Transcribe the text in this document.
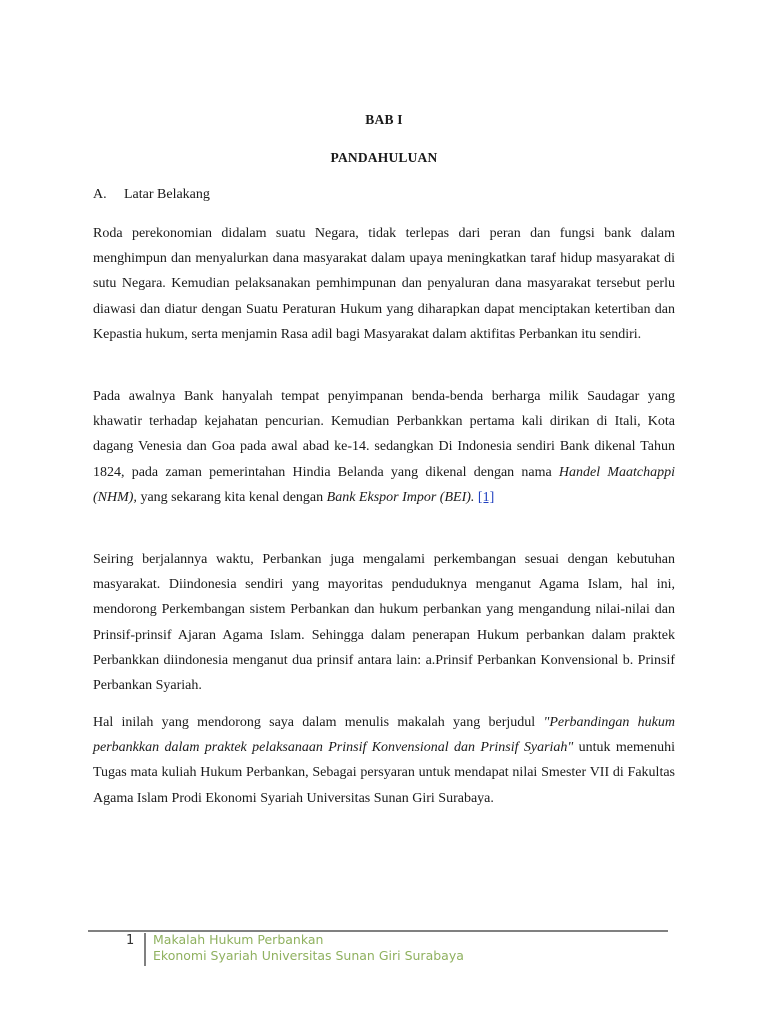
BAB I
PANDAHULUAN
A.	Latar Belakang

Roda perekonomian didalam suatu Negara, tidak terlepas dari peran dan fungsi bank dalam menghimpun dan menyalurkan dana masyarakat dalam upaya meningkatkan taraf hidup masyarakat di sutu Negara. Kemudian pelaksanakan pemhimpunan dan penyaluran dana masyarakat tersebut perlu diawasi dan diatur dengan Suatu Peraturan Hukum yang diharapkan dapat menciptakan ketertiban dan Kepastia hukum, serta menjamin Rasa adil bagi Masyarakat dalam aktifitas Perbankan itu sendiri.

Pada awalnya Bank hanyalah tempat penyimpanan benda-benda berharga milik Saudagar yang khawatir terhadap kejahatan pencurian. Kemudian Perbankkan pertama kali dirikan di Itali, Kota dagang Venesia dan Goa pada awal abad ke-14. sedangkan Di Indonesia sendiri Bank dikenal Tahun 1824, pada zaman pemerintahan Hindia Belanda yang dikenal dengan nama Handel Maatchappi (NHM), yang sekarang kita kenal dengan Bank Ekspor Impor (BEI). [1]

Seiring berjalannya waktu, Perbankan juga mengalami perkembangan sesuai dengan kebutuhan masyarakat. Diindonesia sendiri yang mayoritas penduduknya menganut Agama Islam, hal ini, mendorong Perkembangan sistem Perbankan dan hukum perbankan yang mengandung nilai-nilai dan Prinsif-prinsif Ajaran Agama Islam. Sehingga dalam penerapan Hukum perbankan dalam praktek Perbankkan diindonesia menganut dua prinsif antara lain: a.Prinsif Perbankan Konvensional b. Prinsif Perbankan Syariah.

Hal inilah yang mendorong saya dalam menulis makalah yang berjudul "Perbandingan hukum perbankkan dalam praktek pelaksanaan Prinsif Konvensional dan Prinsif Syariah" untuk memenuhi Tugas mata kuliah Hukum Perbankan, Sebagai persyaran untuk mendapat nilai Smester VII di Fakultas Agama Islam Prodi Ekonomi Syariah Universitas Sunan Giri Surabaya.

1 Makalah Hukum Perbankan
Ekonomi Syariah Universitas Sunan Giri Surabaya
